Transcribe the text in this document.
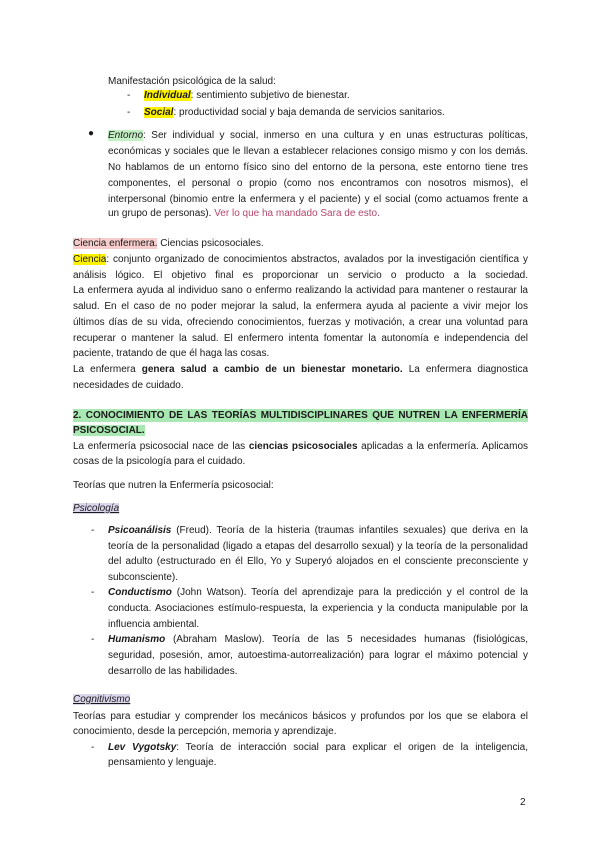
Manifestación psicológica de la salud:
- Individual: sentimiento subjetivo de bienestar.
- Social: productividad social y baja demanda de servicios sanitarios.
● Entorno: Ser individual y social, inmerso en una cultura y en unas estructuras políticas,
económicas y sociales que le llevan a establecer relaciones consigo mismo y con los demás.
No hablamos de un entorno físico sino del entorno de la persona, este entorno tiene tres
componentes, el personal o propio (como nos encontramos con nosotros mismos), el
interpersonal (binomio entre la enfermera y el paciente) y el social (como actuamos frente a
un grupo de personas). Ver lo que ha mandado Sara de esto.
Ciencia enfermera. Ciencias psicosociales.
Ciencia: conjunto organizado de conocimientos abstractos, avalados por la investigación científica y
análisis lógico. El objetivo final es proporcionar un servicio o producto a la sociedad.
La enfermera ayuda al individuo sano o enfermo realizando la actividad para mantener o restaurar la
salud. En el caso de no poder mejorar la salud, la enfermera ayuda al paciente a vivir mejor los
últimos días de su vida, ofreciendo conocimientos, fuerzas y motivación, a crear una voluntad para
recuperar o mantener la salud. El enfermero intenta fomentar la autonomía e independencia del
paciente, tratando de que él haga las cosas.
La enfermera genera salud a cambio de un bienestar monetario. La enfermera diagnostica
necesidades de cuidado.
2. CONOCIMIENTO DE LAS TEORÍAS MULTIDISCIPLINARES QUE NUTREN LA ENFERMERÍA
PSICOSOCIAL.
La enfermería psicosocial nace de las ciencias psicosociales aplicadas a la enfermería. Aplicamos
cosas de la psicología para el cuidado.
Teorías que nutren la Enfermería psicosocial:
Psicología
-	Psicoanálisis (Freud). Teoría de la histeria (traumas infantiles sexuales) que deriva en la
teoría de la personalidad (ligado a etapas del desarrollo sexual) y la teoría de la personalidad
del adulto (estructurado en él Ello, Yo y Superyó alojados en el consciente preconsciente y
subconsciente).
-	Conductismo (John Watson). Teoría del aprendizaje para la predicción y el control de la
conducta. Asociaciones estímulo-respuesta, la experiencia y la conducta manipulable por la
influencia ambiental.
-	Humanismo (Abraham Maslow). Teoría de las 5 necesidades humanas (fisiológicas,
seguridad, posesión, amor, autoestima-autorrealización) para lograr el máximo potencial y
desarrollo de las habilidades.
Cognitivismo
Teorías para estudiar y comprender los mecánicos básicos y profundos por los que se elabora el
conocimiento, desde la percepción, memoria y aprendizaje.
-	Lev Vygotsky: Teoría de interacción social para explicar el origen de la inteligencia,
pensamiento y lenguaje.
2
